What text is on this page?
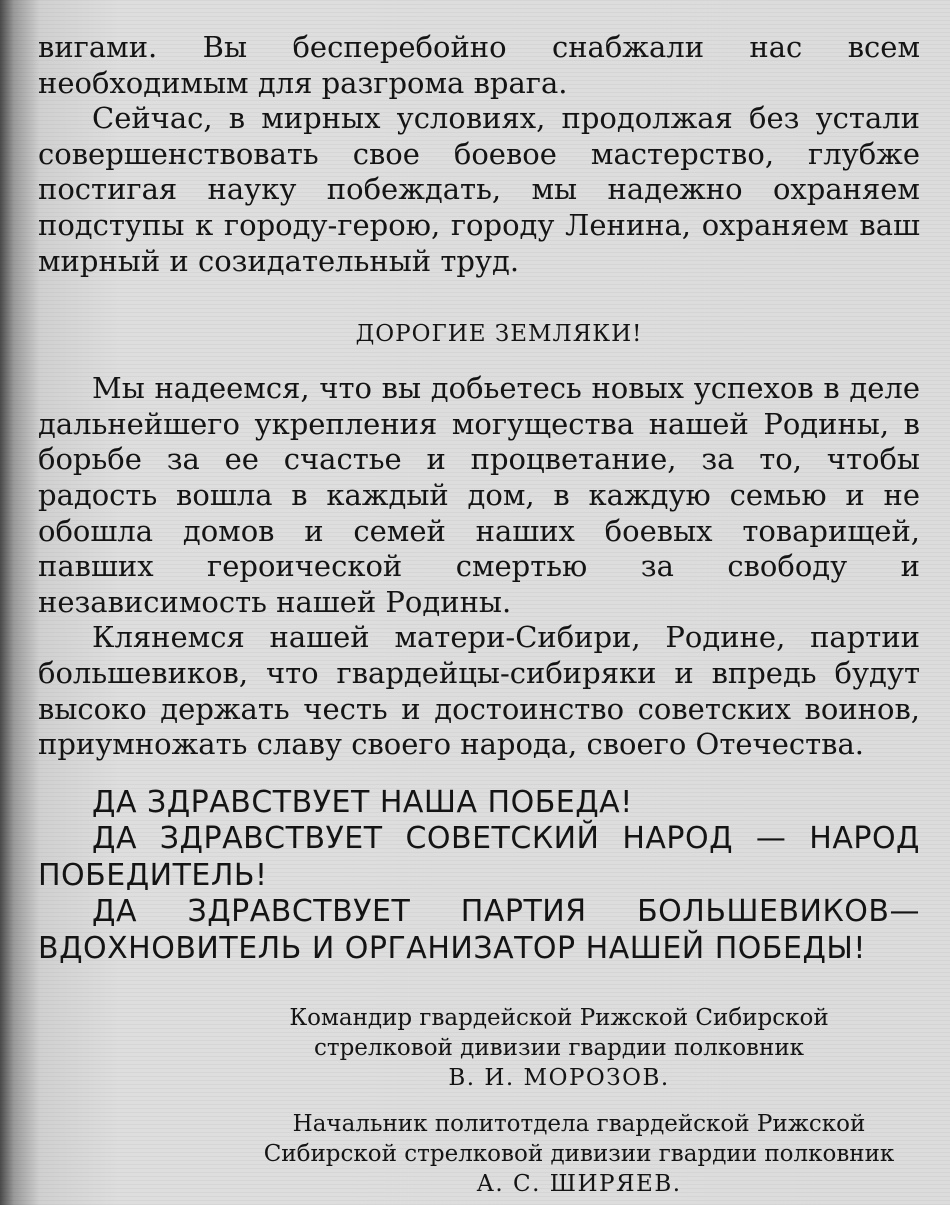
вигами. Вы бесперебойно снабжали нас всем необходимым для разгрома врага.

Сейчас, в мирных условиях, продолжая без устали совершенствовать свое боевое мастерство, глубже постигая науку побеждать, мы надежно охраняем подступы к городу-герою, городу Ленина, охраняем ваш мирный и созидательный труд.

ДОРОГИЕ ЗЕМЛЯКИ!

Мы надеемся, что вы добьетесь новых успехов в деле дальнейшего укрепления могущества нашей Родины, в борьбе за ее счастье и процветание, за то, чтобы радость вошла в каждый дом, в каждую семью и не обошла домов и семей наших боевых товарищей, павших героической смертью за свободу и независимость нашей Родины.

Клянемся нашей матери-Сибири, Родине, партии большевиков, что гвардейцы-сибиряки и впредь будут высоко держать честь и достоинство советских воинов, приумножать славу своего народа, своего Отечества.

ДА ЗДРАВСТВУЕТ НАША ПОБЕДА!

ДА ЗДРАВСТВУЕТ СОВЕТСКИЙ НАРОД — НАРОД ПОБЕДИТЕЛЬ!

ДА ЗДРАВСТВУЕТ ПАРТИЯ БОЛЬШЕВИКОВ— ВДОХНОВИТЕЛЬ И ОРГАНИЗАТОР НАШЕЙ ПОБЕДЫ!

Командир гвардейской Рижской Сибирской
стрелковой дивизии гвардии полковник
В. И. МОРОЗОВ.
Начальник политотдела гвардейской Рижской
Сибирской стрелковой дивизии гвардии полковник
А. С. ШИРЯЕВ.
